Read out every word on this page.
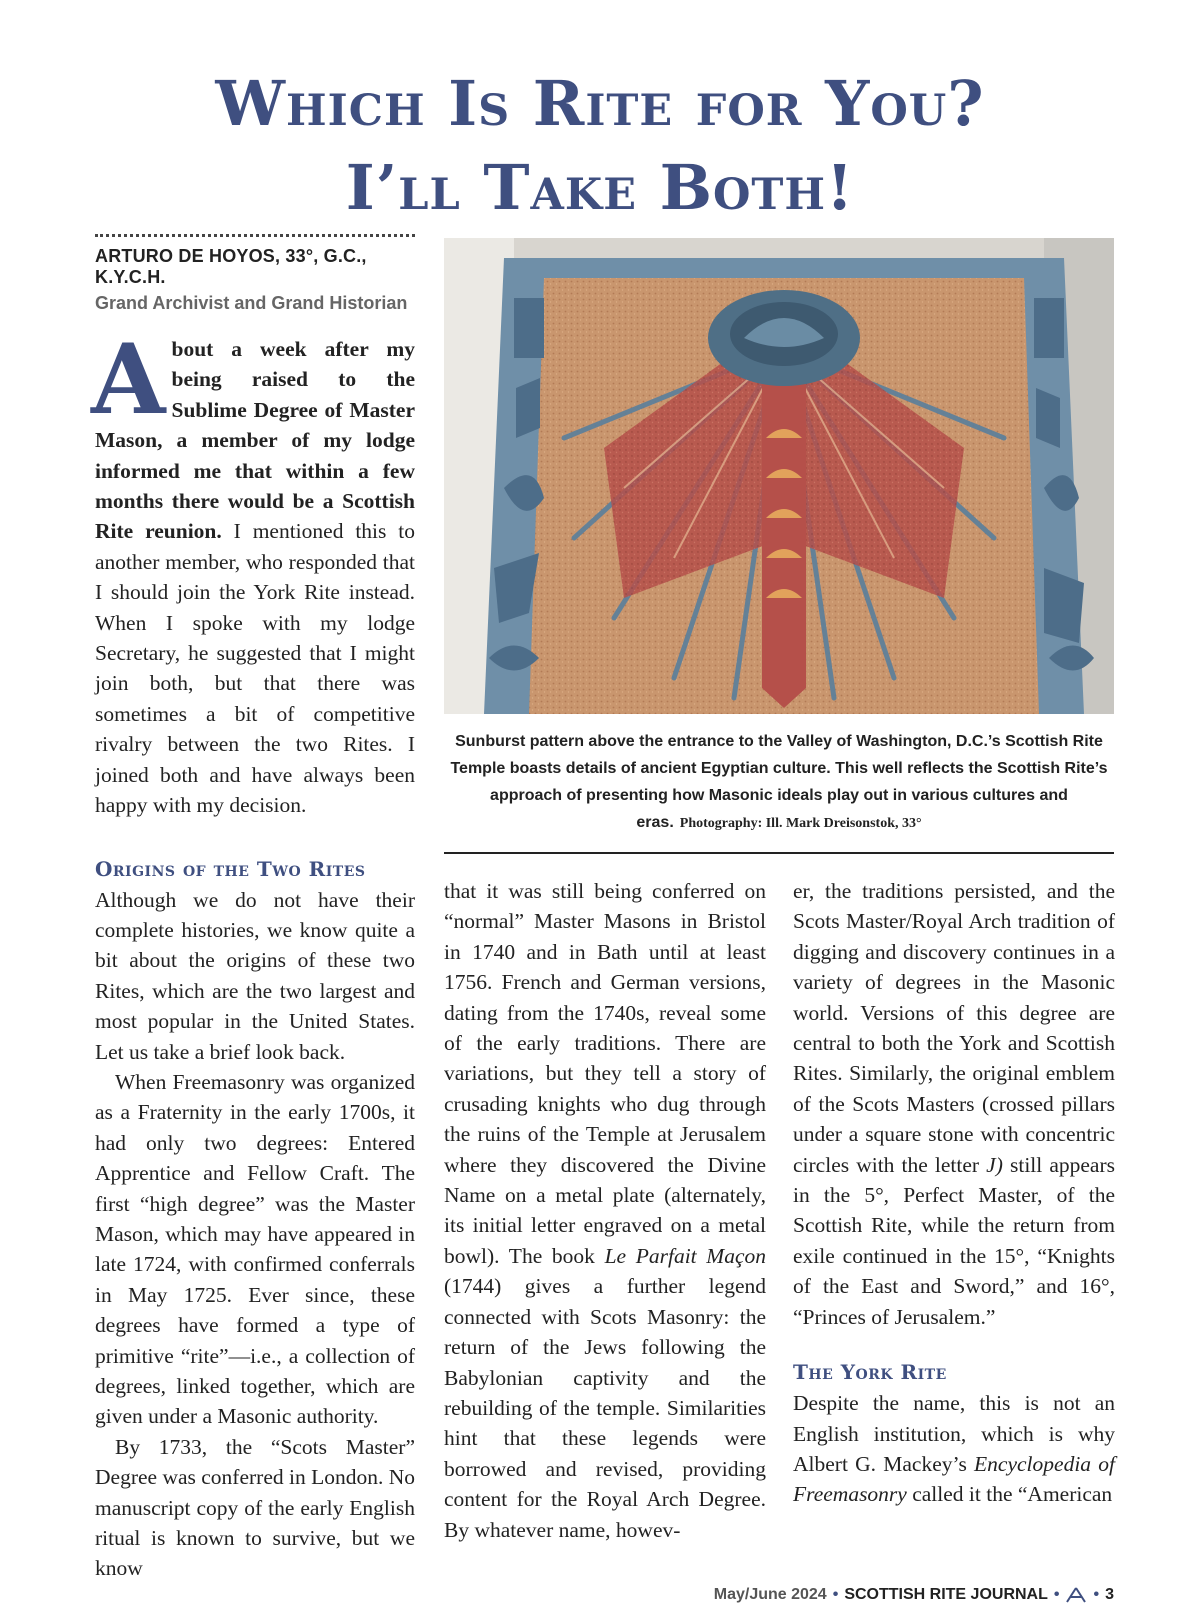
Which Is Rite for You?
I’ll Take Both!
ARTURO DE HOYOS, 33°, G.C., K.Y.C.H.
Grand Archivist and Grand Historian

About a week after my being raised to the Sublime Degree of Master Mason, a member of my lodge informed me that within a few months there would be a Scottish Rite reunion. I mentioned this to another member, who responded that I should join the York Rite instead. When I spoke with my lodge Secretary, he suggested that I might join both, but that there was sometimes a bit of competitive rivalry between the two Rites. I joined both and have always been happy with my decision.

Origins of the Two Rites

Although we do not have their complete histories, we know quite a bit about the origins of these two Rites, which are the two largest and most popular in the United States. Let us take a brief look back.

When Freemasonry was organized as a Fraternity in the early 1700s, it had only two degrees: Entered Apprentice and Fellow Craft. The first “high degree” was the Master Mason, which may have appeared in late 1724, with confirmed conferrals in May 1725. Ever since, these degrees have formed a type of primitive “rite”—i.e., a collection of degrees, linked together, which are given under a Masonic authority.

By 1733, the “Scots Master” Degree was conferred in London. No manuscript copy of the early English ritual is known to survive, but we know

Sunburst pattern above the entrance to the Valley of Washington, D.C.’s Scottish Rite Temple boasts details of ancient Egyptian culture. This well reflects the Scottish Rite’s approach of presenting how Masonic ideals play out in various cultures and eras. Photography: Ill. Mark Dreisonstok, 33°

that it was still being conferred on “normal” Master Masons in Bristol in 1740 and in Bath until at least 1756. French and German versions, dating from the 1740s, reveal some of the early traditions. There are variations, but they tell a story of crusading knights who dug through the ruins of the Temple at Jerusalem where they discovered the Divine Name on a metal plate (alternately, its initial letter engraved on a metal bowl). The book Le Parfait Maçon (1744) gives a further legend connected with Scots Masonry: the return of the Jews following the Babylonian captivity and the rebuilding of the temple. Similarities hint that these legends were borrowed and revised, providing content for the Royal Arch Degree. By whatever name, howev-

er, the traditions persisted, and the Scots Master/Royal Arch tradition of digging and discovery continues in a variety of degrees in the Masonic world. Versions of this degree are central to both the York and Scottish Rites. Similarly, the original emblem of the Scots Masters (crossed pillars under a square stone with concentric circles with the letter J) still appears in the 5°, Perfect Master, of the Scottish Rite, while the return from exile continued in the 15°, “Knights of the East and Sword,” and 16°, “Princes of Jerusalem.”

The York Rite

Despite the name, this is not an English institution, which is why Albert G. Mackey’s Encyclopedia of Freemasonry called it the “American

May/June 2024 • SCOTTISH RITE JOURNAL • • 3
